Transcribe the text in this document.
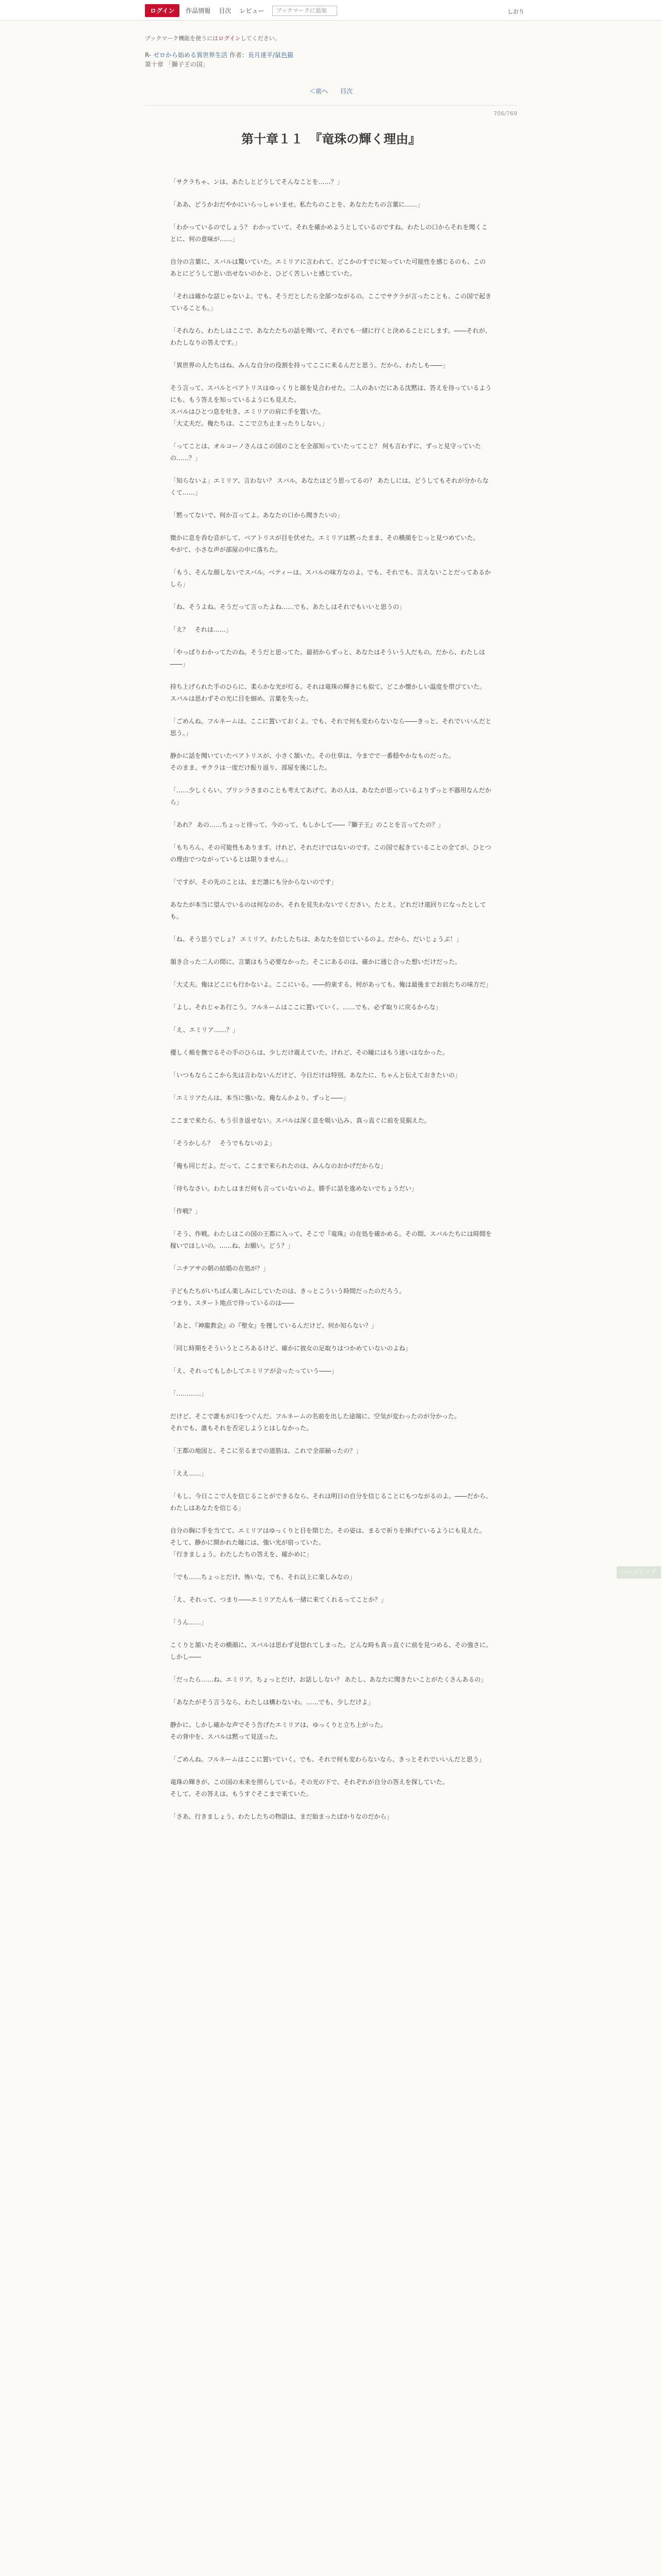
ログイン	作品情報 目次 レビュー	ブックマークに追加	しおり
ブックマーク機能を使うにはログインしてください。
R- ゼロから始める異世界生活 作者：長月達平/鼠色猫
第十章 「獅子王の国」
＜前へ 目次
706/769
第十章１１　『竜珠の輝く理由』

「サクラちゃ、ンは、あたしとどうしてそんなことを……？」

「ああ、どうかおだやかにいらっしゃいませ。私たちのことを、あなたたちの言葉に……」

「わかっているのでしょう？ わかっていて、それを確かめようとしているのですね。わたしの口からそれを聞くことに、何の意味が……」

自分の言葉に、スバルは驚いていた。エミリアに言われて、どこかのすでに知っていた可能性を感じるのも、このあとにどうして思い出せないのかと、ひどく苦しいと感じていた。

「それは確かな話じゃないよ。でも、そうだとしたら全部つながるの。ここでサクラが言ったことも、この国で起きていることも。」

「それなら、わたしはここで、あなたたちの話を聞いて、それでも一緒に行くと決めることにします。――それが、わたしなりの答えです。」

「異世界の人たちはね、みんな自分の役割を持ってここに来るんだと思う。だから、わたしも――」

そう言って、スバルとベアトリスはゆっくりと顔を見合わせた。二人のあいだにある沈黙は、答えを待っているようにも、もう答えを知っているようにも見えた。
スバルはひとつ息を吐き、エミリアの肩に手を置いた。
「大丈夫だ。俺たちは、ここで立ち止まったりしない。」

「ってことは、オルコーノさんはこの国のことを全部知っていたってこと？ 何も言わずに、ずっと見守っていたの……？」

「知らないよ」エミリア、言わない？ スバル、あなたはどう思ってるの？ あたしには、どうしてもそれが分からなくて……」

「黙ってないで、何か言ってよ。あなたの口から聞きたいの」

微かに息を呑む音がして、ベアトリスが目を伏せた。エミリアは黙ったまま、その横顔をじっと見つめていた。
やがて、小さな声が部屋の中に落ちた。

「もう、そんな顔しないでスバル。ベティーは、スバルの味方なのよ。でも、それでも、言えないことだってあるかしら」

「ね、そうよね。そうだって言ったよね……でも、あたしはそれでもいいと思うの」

「え？　それは……」

「やっぱりわかってたのね。そうだと思ってた。最初からずっと、あなたはそういう人だもの。だから、わたしは――」

持ち上げられた手のひらに、柔らかな光が灯る。それは竜珠の輝きにも似て、どこか懐かしい温度を帯びていた。
スバルは思わずその光に目を細め、言葉を失った。

「ごめんね。フルネームは、ここに置いておくよ。でも、それで何も変わらないなら――きっと、それでいいんだと思う。」

静かに話を聞いていたベアトリスが、小さく頷いた。その仕草は、今までで一番穏やかなものだった。
そのまま、サクラは一度だけ振り返り、部屋を後にした。

「……少しくらい、プリシラさまのことも考えてあげて。あの人は、あなたが思っているよりずっと不器用なんだから」

「あれ？ あの……ちょっと待って。今のって、もしかして――『獅子王』のことを言ってたの？」

「もちろん、その可能性もあります。けれど、それだけではないのです。この国で起きていることの全てが、ひとつの理由でつながっているとは限りません。」

「ですが、その先のことは、まだ誰にも分からないのです」

あなたが本当に望んでいるのは何なのか、それを見失わないでください。たとえ、どれだけ遠回りになったとしても。

「ね、そう思うでしょ？ エミリア。わたしたちは、あなたを信じているのよ。だから、だいじょうぶ！」

頷き合った二人の間に、言葉はもう必要なかった。そこにあるのは、確かに通じ合った想いだけだった。

「大丈夫。俺はどこにも行かないよ。ここにいる。――約束する。何があっても、俺は最後までお前たちの味方だ」

「よし、それじゃあ行こう。フルネームはここに置いていく。……でも、必ず取りに戻るからな」

「え、エミリア……？」

優しく頬を撫でるその手のひらは、少しだけ震えていた。けれど、その瞳にはもう迷いはなかった。

「いつもならここから先は言わないんだけど、今日だけは特別。あなたに、ちゃんと伝えておきたいの」

「エミリアたんは、本当に強いな。俺なんかより、ずっと――」

ここまで来たら、もう引き返せない。スバルは深く息を吸い込み、真っ直ぐに前を見据えた。

「そうかしら？　そうでもないのよ」

「俺も同じだよ。だって、ここまで来られたのは、みんなのおかげだからな」

「待ちなさい。わたしはまだ何も言っていないのよ。勝手に話を進めないでちょうだい」

「作戦？」

「そう、作戦。わたしはこの国の王都に入って、そこで『竜珠』の在処を確かめる。その間、スバルたちには時間を稼いでほしいの。……ね、お願い。どう？」

「ニチアサの朝の結婚の在処が？」

子どもたちがいちばん楽しみにしていたのは、きっとこういう時間だったのだろう。
つまり、スタート地点で待っているのは――

「あと、『神龍教会』の『聖女』を捜しているんだけど、何か知らない？」

「同じ時期をそういうところあるけど、確かに彼女の足取りはつかめていないのよね」

「え、それってもしかしてエミリアが会ったっていう――」

「…………」

だけど、そこで誰もが口をつぐんだ。フルネームの名前を出した途端に、空気が変わったのが分かった。
それでも、誰もそれを否定しようとはしなかった。

「王都の地図と、そこに至るまでの道筋は、これで全部揃ったの？」

「ええ……」

「もし、今日ここで人を信じることができるなら、それは明日の自分を信じることにもつながるのよ。――だから、わたしはあなたを信じる」

自分の胸に手を当てて、エミリアはゆっくりと目を閉じた。その姿は、まるで祈りを捧げているようにも見えた。
そして、静かに開かれた瞳には、強い光が宿っていた。
「行きましょう。わたしたちの答えを、確かめに」

「でも……ちょっとだけ、怖いな。でも、それ以上に楽しみなの」

「え、それって、つまり――エミリアたんも一緒に来てくれるってことか？」

「うん……」

こくりと頷いたその横顔に、スバルは思わず見惚れてしまった。どんな時も真っ直ぐに前を見つめる、その強さに。
しかし――

「だったら……ね、エミリア。ちょっとだけ、お話ししない？ あたし、あなたに聞きたいことがたくさんあるの」

「あなたがそう言うなら、わたしは構わないわ。……でも、少しだけよ」

静かに、しかし確かな声でそう告げたエミリアは、ゆっくりと立ち上がった。
その背中を、スバルは黙って見送った。

「ごめんね。フルネームはここに置いていく。でも、それで何も変わらないなら、きっとそれでいいんだと思う」

竜珠の輝きが、この国の未来を照らしている。その光の下で、それぞれが自分の答えを探していた。
そして、その答えは、もうすぐそこまで来ていた。

「さあ、行きましょう。わたしたちの物語は、まだ始まったばかりなのだから」

ページトップ
